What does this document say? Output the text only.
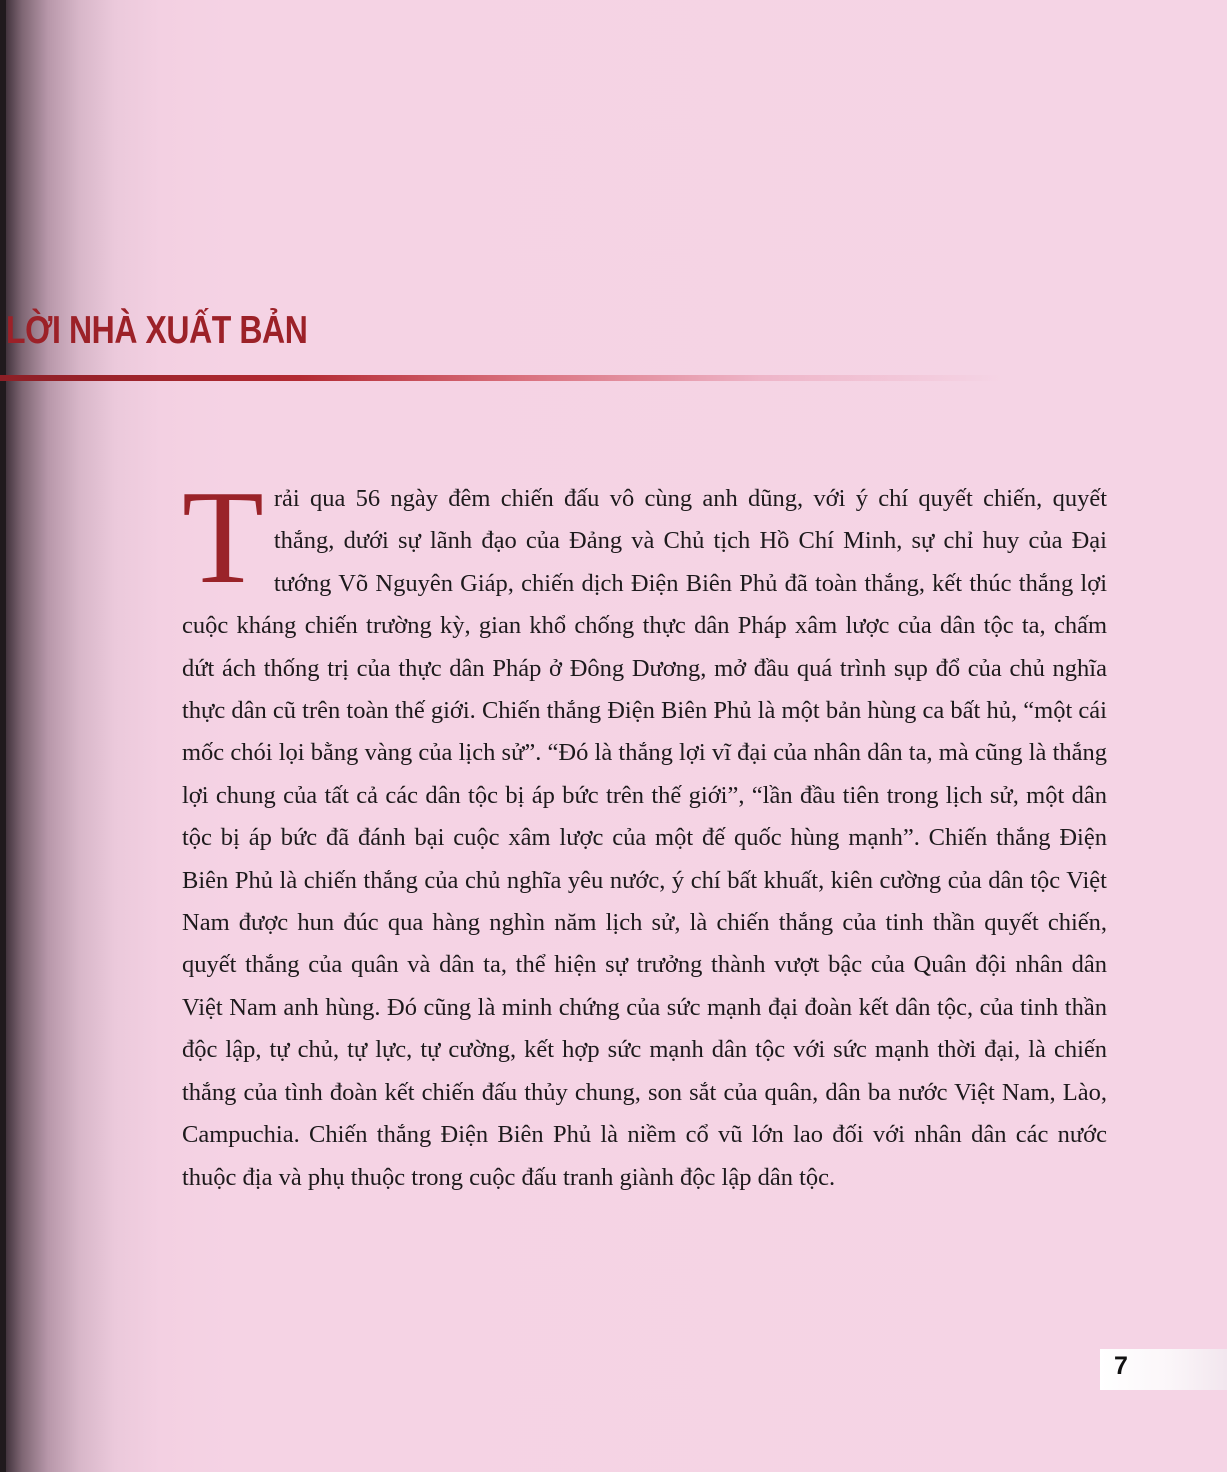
LỜI NHÀ XUẤT BẢN

Trải qua 56 ngày đêm chiến đấu vô cùng anh dũng, với ý chí quyết chiến, quyết thắng, dưới sự lãnh đạo của Đảng và Chủ tịch Hồ Chí Minh, sự chỉ huy của Đại tướng Võ Nguyên Giáp, chiến dịch Điện Biên Phủ đã toàn thắng, kết thúc thắng lợi cuộc kháng chiến trường kỳ, gian khổ chống thực dân Pháp xâm lược của dân tộc ta, chấm dứt ách thống trị của thực dân Pháp ở Đông Dương, mở đầu quá trình sụp đổ của chủ nghĩa thực dân cũ trên toàn thế giới. Chiến thắng Điện Biên Phủ là một bản hùng ca bất hủ, “một cái mốc chói lọi bằng vàng của lịch sử”. “Đó là thắng lợi vĩ đại của nhân dân ta, mà cũng là thắng lợi chung của tất cả các dân tộc bị áp bức trên thế giới”, “lần đầu tiên trong lịch sử, một dân tộc bị áp bức đã đánh bại cuộc xâm lược của một đế quốc hùng mạnh”. Chiến thắng Điện Biên Phủ là chiến thắng của chủ nghĩa yêu nước, ý chí bất khuất, kiên cường của dân tộc Việt Nam được hun đúc qua hàng nghìn năm lịch sử, là chiến thắng của tinh thần quyết chiến, quyết thắng của quân và dân ta, thể hiện sự trưởng thành vượt bậc của Quân đội nhân dân Việt Nam anh hùng. Đó cũng là minh chứng của sức mạnh đại đoàn kết dân tộc, của tinh thần độc lập, tự chủ, tự lực, tự cường, kết hợp sức mạnh dân tộc với sức mạnh thời đại, là chiến thắng của tình đoàn kết chiến đấu thủy chung, son sắt của quân, dân ba nước Việt Nam, Lào, Campuchia. Chiến thắng Điện Biên Phủ là niềm cổ vũ lớn lao đối với nhân dân các nước thuộc địa và phụ thuộc trong cuộc đấu tranh giành độc lập dân tộc.

7
